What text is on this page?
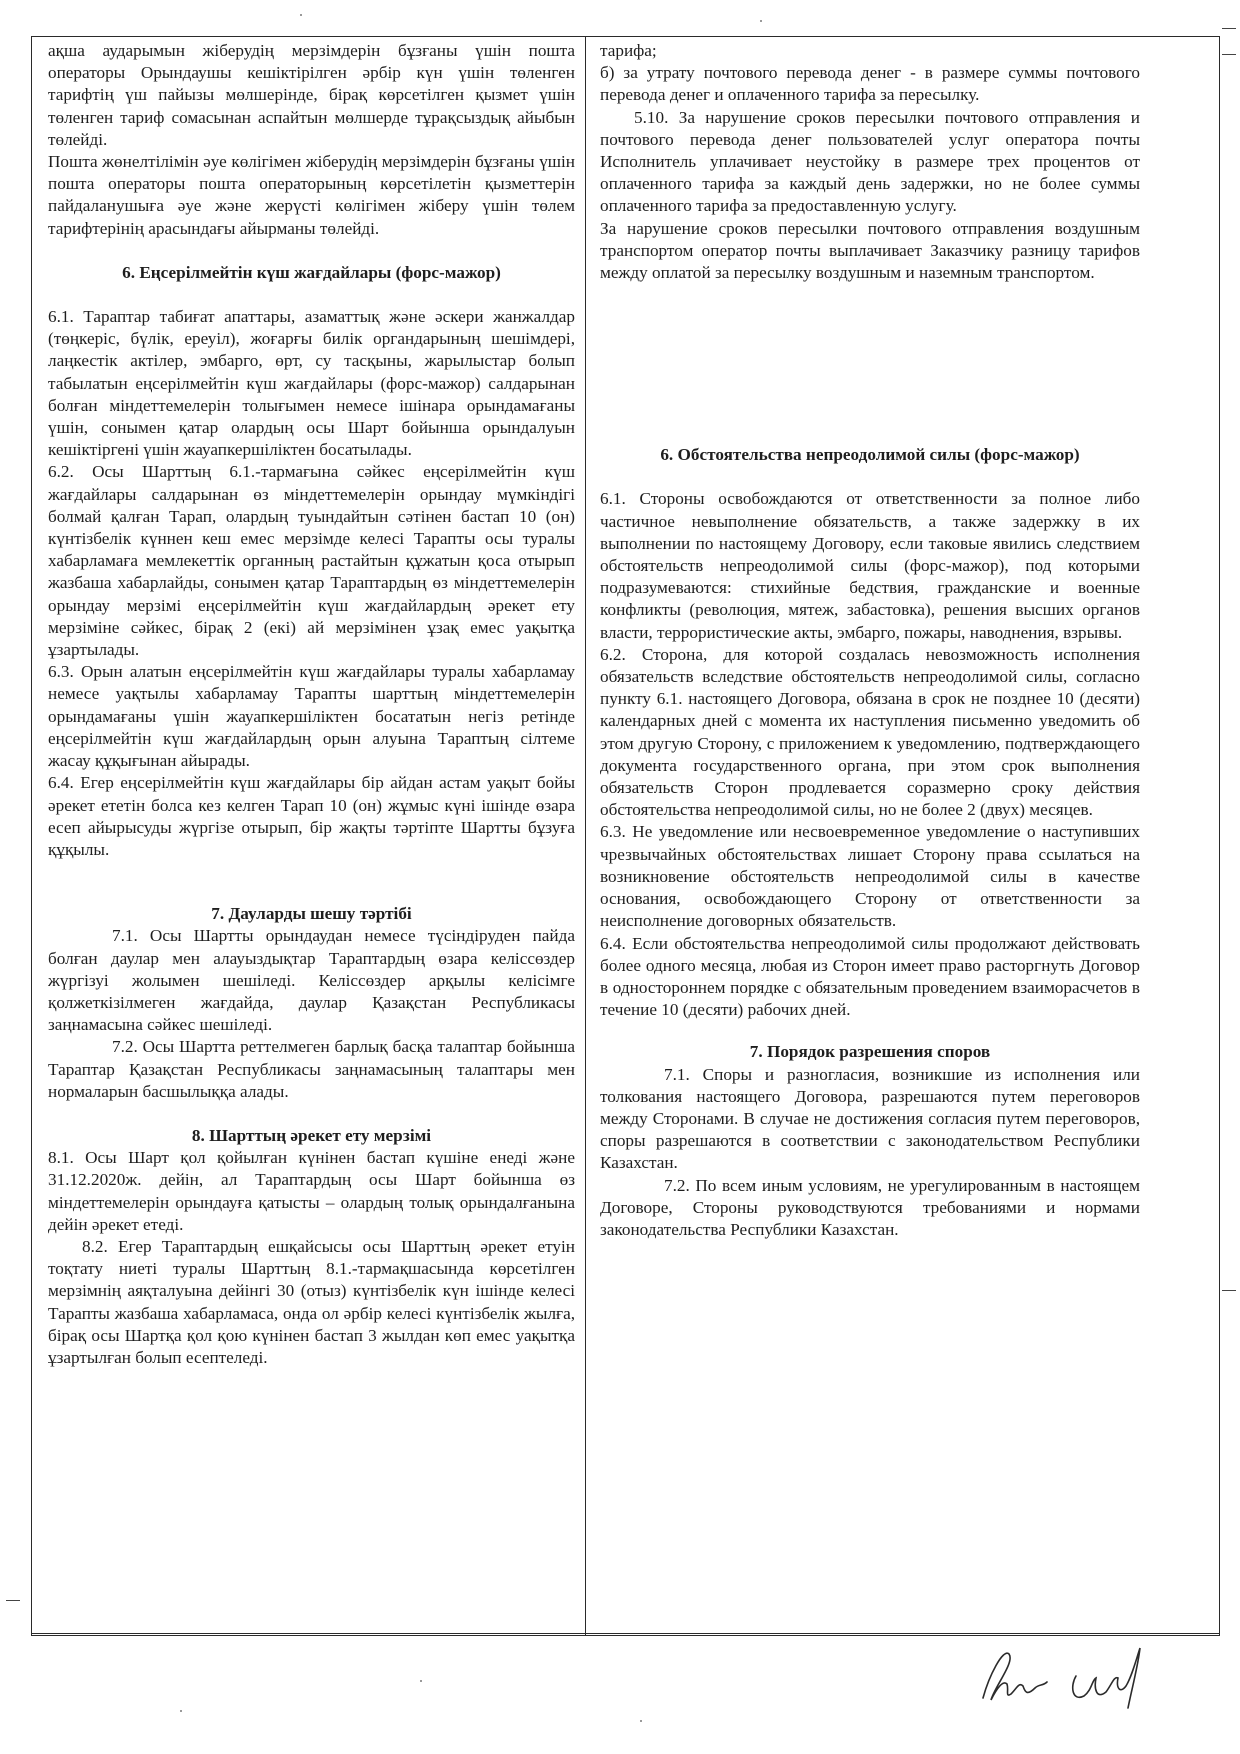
ақша аударымын жіберудің мерзімдерін бұзғаны үшін пошта операторы Орындаушы кешіктірілген әрбір күн үшін төленген тарифтің үш пайызы мөлшерінде, бірақ көрсетілген қызмет үшін төленген тариф сомасынан аспайтын мөлшерде тұрақсыздық айыбын төлейді.

Пошта жөнелтілімін әуе көлігімен жіберудің мерзімдерін бұзғаны үшін пошта операторы пошта операторының көрсетілетін қызметтерін пайдаланушыға әуе және жерүсті көлігімен жіберу үшін төлем тарифтерінің арасындағы айырманы төлейді.

6. Еңсерілмейтін күш жағдайлары (форс-мажор)

6.1. Тараптар табиғат апаттары, азаматтық және әскери жанжалдар (төңкеріс, бүлік, ереуіл), жоғарғы билік органдарының шешімдері, лаңкестік актілер, эмбарго, өрт, су тасқыны, жарылыстар болып табылатын еңсерілмейтін күш жағдайлары (форс-мажор) салдарынан болған міндеттемелерін толығымен немесе ішінара орындамағаны үшін, сонымен қатар олардың осы Шарт бойынша орындалуын кешіктіргені үшін жауапкершіліктен босатылады.

6.2. Осы Шарттың 6.1.-тармағына сәйкес еңсерілмейтін күш жағдайлары салдарынан өз міндеттемелерін орындау мүмкіндігі болмай қалған Тарап, олардың туындайтын сәтінен бастап 10 (он) күнтізбелік күннен кеш емес мерзімде келесі Тарапты осы туралы хабарламаға мемлекеттік органның растайтын құжатын қоса отырып жазбаша хабарлайды, сонымен қатар Тараптардың өз міндеттемелерін орындау мерзімі еңсерілмейтін күш жағдайлардың әрекет ету мерзіміне сәйкес, бірақ 2 (екі) ай мерзімінен ұзақ емес уақытқа ұзартылады.

6.3. Орын алатын еңсерілмейтін күш жағдайлары туралы хабарламау немесе уақтылы хабарламау Тарапты шарттың міндеттемелерін орындамағаны үшін жауапкершіліктен босататын негіз ретінде еңсерілмейтін күш жағдайлардың орын алуына Тараптың сілтеме жасау құқығынан айырады.

6.4. Егер еңсерілмейтін күш жағдайлары бір айдан астам уақыт бойы әрекет ететін болса кез келген Тарап 10 (он) жұмыс күні ішінде өзара есеп айырысуды жүргізе отырып, бір жақты тәртіпте Шартты бұзуға құқылы.

7. Дауларды шешу тәртібі

7.1. Осы Шартты орындаудан немесе түсіндіруден пайда болған даулар мен алауыздықтар Тараптардың өзара келіссөздер жүргізуі жолымен шешіледі. Келіссөздер арқылы келісімге қолжеткізілмеген жағдайда, даулар Қазақстан Республикасы заңнамасына сәйкес шешіледі.

7.2. Осы Шартта реттелмеген барлық басқа талаптар бойынша Тараптар Қазақстан Республикасы заңнамасының талаптары мен нормаларын басшылыққа алады.

8. Шарттың әрекет ету мерзімі

8.1. Осы Шарт қол қойылған күнінен бастап күшіне енеді және 31.12.2020ж. дейін, ал Тараптардың осы Шарт бойынша өз міндеттемелерін орындауға қатысты – олардың толық орындалғанына дейін әрекет етеді.

8.2. Егер Тараптардың ешқайсысы осы Шарттың әрекет етуін тоқтату ниеті туралы Шарттың 8.1.-тармақшасында көрсетілген мерзімнің аяқталуына дейінгі 30 (отыз) күнтізбелік күн ішінде келесі Тарапты жазбаша хабарламаса, онда ол әрбір келесі күнтізбелік жылға, бірақ осы Шартқа қол қою күнінен бастап 3 жылдан көп емес уақытқа ұзартылған болып есептеледі.

тарифа;

б) за утрату почтового перевода денег - в размере суммы почтового перевода денег и оплаченного тарифа за пересылку.

5.10. За нарушение сроков пересылки почтового отправления и почтового перевода денег пользователей услуг оператора почты Исполнитель уплачивает неустойку в размере трех процентов от оплаченного тарифа за каждый день задержки, но не более суммы оплаченного тарифа за предоставленную услугу.

За нарушение сроков пересылки почтового отправления воздушным транспортом оператор почты выплачивает Заказчику разницу тарифов между оплатой за пересылку воздушным и наземным транспортом.

6. Обстоятельства непреодолимой силы (форс-мажор)

6.1. Стороны освобождаются от ответственности за полное либо частичное невыполнение обязательств, а также задержку в их выполнении по настоящему Договору, если таковые явились следствием обстоятельств непреодолимой силы (форс-мажор), под которыми подразумеваются: стихийные бедствия, гражданские и военные конфликты (революция, мятеж, забастовка), решения высших органов власти, террористические акты, эмбарго, пожары, наводнения, взрывы.

6.2. Сторона, для которой создалась невозможность исполнения обязательств вследствие обстоятельств непреодолимой силы, согласно пункту 6.1. настоящего Договора, обязана в срок не позднее 10 (десяти) календарных дней с момента их наступления письменно уведомить об этом другую Сторону, с приложением к уведомлению, подтверждающего документа государственного органа, при этом срок выполнения обязательств Сторон продлевается соразмерно сроку действия обстоятельства непреодолимой силы, но не более 2 (двух) месяцев.

6.3. Не уведомление или несвоевременное уведомление о наступивших чрезвычайных обстоятельствах лишает Сторону права ссылаться на возникновение обстоятельств непреодолимой силы в качестве основания, освобождающего Сторону от ответственности за неисполнение договорных обязательств.

6.4. Если обстоятельства непреодолимой силы продолжают действовать более одного месяца, любая из Сторон имеет право расторгнуть Договор в одностороннем порядке с обязательным проведением взаиморасчетов в течение 10 (десяти) рабочих дней.

7. Порядок разрешения споров

7.1. Споры и разногласия, возникшие из исполнения или толкования настоящего Договора, разрешаются путем переговоров между Сторонами. В случае не достижения согласия путем переговоров, споры разрешаются в соответствии с законодательством Республики Казахстан.

7.2. По всем иным условиям, не урегулированным в настоящем Договоре, Стороны руководствуются требованиями и нормами законодательства Республики Казахстан.
